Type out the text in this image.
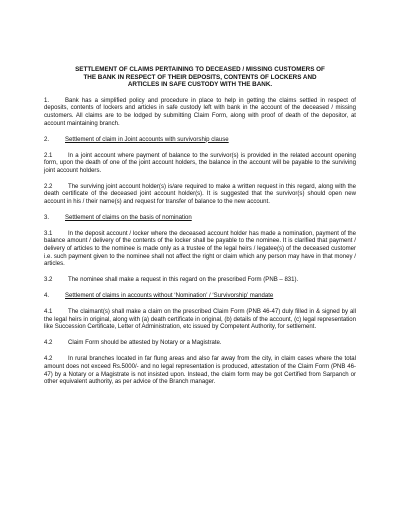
SETTLEMENT OF CLAIMS PERTAINING TO DECEASED / MISSING CUSTOMERS OF
THE BANK IN RESPECT OF THEIR DEPOSITS, CONTENTS OF LOCKERS AND
ARTICLES IN SAFE CUSTODY WITH THE BANK.

1.	Bank has a simplified policy and procedure in place to help in getting the claims settled in respect of deposits, contents of lockers and articles in safe custody left with bank in the account of the deceased / missing customers. All claims are to be lodged by submitting Claim Form, along with proof of death of the depositor, at account maintaining branch.

2.	Settlement of claim in Joint accounts with survivorship clause

2.1	In a joint account where payment of balance to the survivor(s) is provided in the related account opening form, upon the death of one of the joint account holders, the balance in the account will be payable to the surviving joint account holders.

2.2	The surviving joint account holder(s) is/are required to make a written request in this regard, along with the death certificate of the deceased joint account holder(s). It is suggested that the survivor(s) should open new account in his / their name(s) and request for transfer of balance to the new account.

3.	Settlement of claims on the basis of nomination

3.1	In the deposit account / locker where the deceased account holder has made a nomination, payment of the balance amount / delivery of the contents of the locker shall be payable to the nominee. It is clarified that payment / delivery of articles to the nominee is made only as a trustee of the legal heirs / legatee(s) of the deceased customer i.e. such payment given to the nominee shall not affect the right or claim which any person may have in that money / articles.

3.2	The nominee shall make a request in this regard on the prescribed Form (PNB – 831).

4.	Settlement of claims in accounts without ‘Nomination’ / ‘Survivorship’ mandate

4.1	The claimant(s) shall make a claim on the prescribed Claim Form (PNB 46-47) duly filled in & signed by all the legal heirs in original, along with (a) death certificate in original, (b) details of the account, (c) legal representation like Succession Certificate, Letter of Administration, etc issued by Competent Authority, for settlement.

4.2	Claim Form should be attested by Notary or a Magistrate.

4.2	In rural branches located in far flung areas and also far away from the city, in claim cases where the total amount does not exceed Rs.5000/- and no legal representation is produced, attestation of the Claim Form (PNB 46-47) by a Notary or a Magistrate is not insisted upon. Instead, the claim form may be got Certified from Sarpanch or other equivalent authority, as per advice of the Branch manager.
